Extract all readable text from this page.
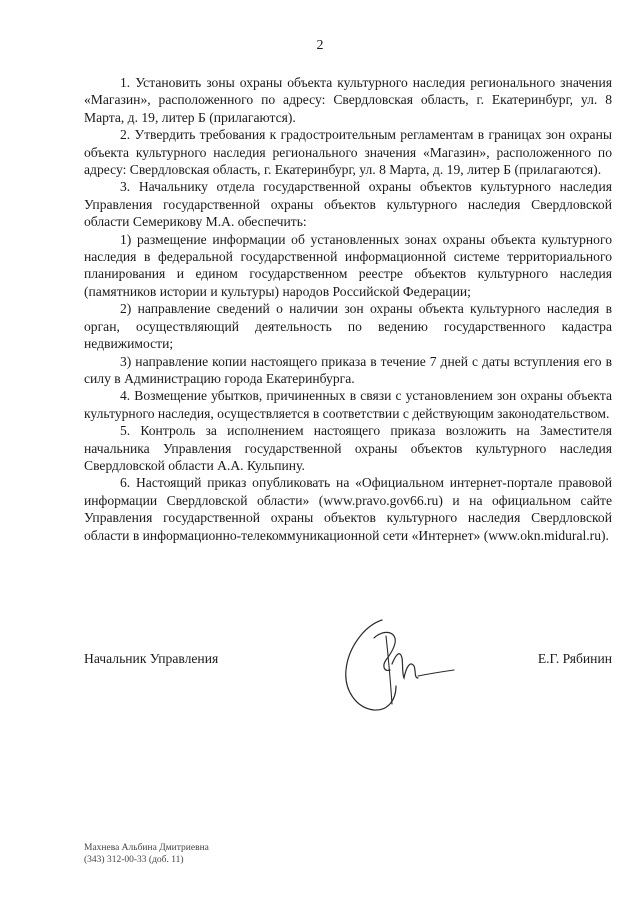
2

1. Установить зоны охраны объекта культурного наследия регионального значения «Магазин», расположенного по адресу: Свердловская область, г. Екатеринбург, ул. 8 Марта, д. 19, литер Б (прилагаются).

2. Утвердить требования к градостроительным регламентам в границах зон охраны объекта культурного наследия регионального значения «Магазин», расположенного по адресу: Свердловская область, г. Екатеринбург, ул. 8 Марта, д. 19, литер Б (прилагаются).

3. Начальнику отдела государственной охраны объектов культурного наследия Управления государственной охраны объектов культурного наследия Свердловской области Семерикову М.А. обеспечить:

1) размещение информации об установленных зонах охраны объекта культурного наследия в федеральной государственной информационной системе территориального планирования и едином государственном реестре объектов культурного наследия (памятников истории и культуры) народов Российской Федерации;

2) направление сведений о наличии зон охраны объекта культурного наследия в орган, осуществляющий деятельность по ведению государственного кадастра недвижимости;

3) направление копии настоящего приказа в течение 7 дней с даты вступления его в силу в Администрацию города Екатеринбурга.

4. Возмещение убытков, причиненных в связи с установлением зон охраны объекта культурного наследия, осуществляется в соответствии с действующим законодательством.

5. Контроль за исполнением настоящего приказа возложить на Заместителя начальника Управления государственной охраны объектов культурного наследия Свердловской области А.А. Кульпину.

6. Настоящий приказ опубликовать на «Официальном интернет-портале правовой информации Свердловской области» (www.pravo.gov66.ru) и на официальном сайте Управления государственной охраны объектов культурного наследия Свердловской области в информационно-телекоммуникационной сети «Интернет» (www.okn.midural.ru).

Начальник Управления	Е.Г. Рябинин
Махнева Альбина Дмитриевна
(343) 312-00-33 (доб. 11)
